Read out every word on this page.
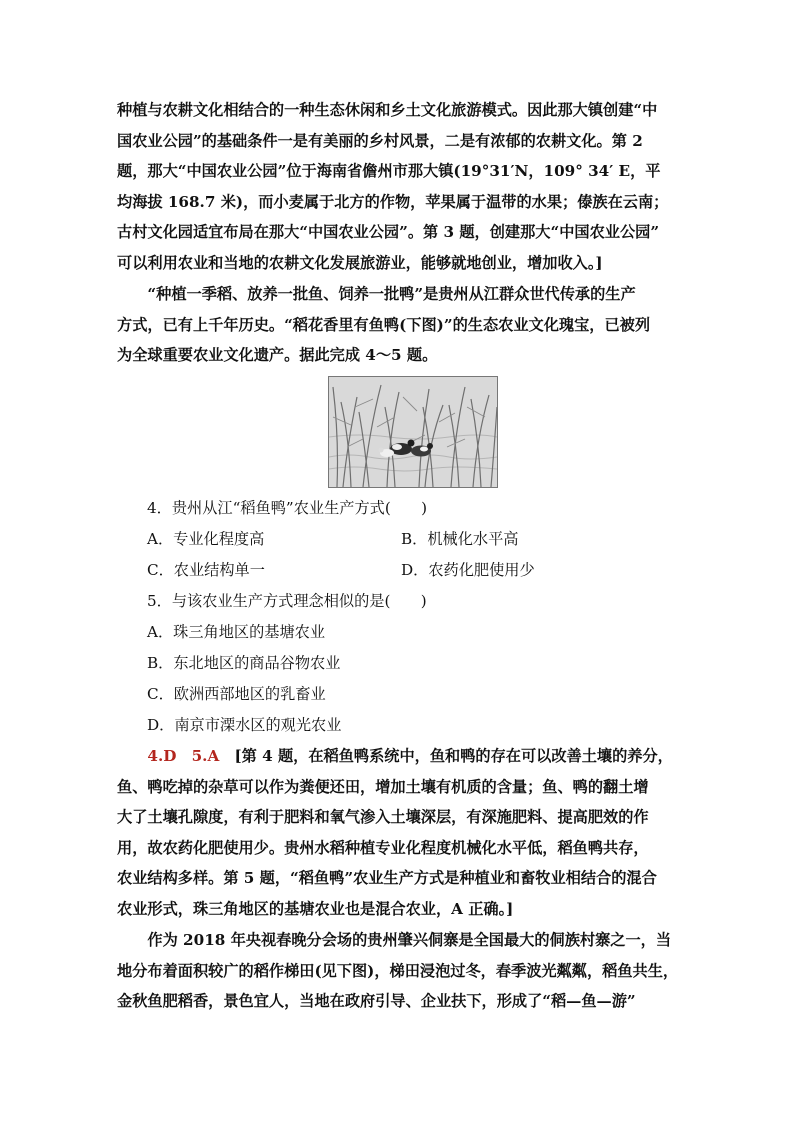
种植与农耕文化相结合的一种生态休闲和乡土文化旅游模式。因此那大镇创建“中
国农业公园”的基础条件一是有美丽的乡村风景，二是有浓郁的农耕文化。第 2
题，那大“中国农业公园”位于海南省儋州市那大镇(19°31′N，109° 34′ E，平
均海拔 168.7 米)，而小麦属于北方的作物，苹果属于温带的水果；傣族在云南；
古村文化园适宜布局在那大“中国农业公园”。第 3 题，创建那大“中国农业公园”
可以利用农业和当地的农耕文化发展旅游业，能够就地创业，增加收入。]
“种植一季稻、放养一批鱼、饲养一批鸭”是贵州从江群众世代传承的生产
方式，已有上千年历史。“稻花香里有鱼鸭(下图)”的生态农业文化瑰宝，已被列
为全球重要农业文化遗产。据此完成 4～5 题。
4．贵州从江“稻鱼鸭”农业生产方式(　　)
A．专业化程度高	B．机械化水平高
C．农业结构单一	D．农药化肥使用少
5．与该农业生产方式理念相似的是(　　)
A．珠三角地区的基塘农业
B．东北地区的商品谷物农业
C．欧洲西部地区的乳畜业
D．南京市溧水区的观光农业
4.D　5.A　 [第 4 题，在稻鱼鸭系统中，鱼和鸭的存在可以改善土壤的养分，
鱼、鸭吃掉的杂草可以作为粪便还田，增加土壤有机质的含量；鱼、鸭的翻土增
大了土壤孔隙度，有利于肥料和氧气渗入土壤深层，有深施肥料、提高肥效的作
用，故农药化肥使用少。贵州水稻种植专业化程度机械化水平低，稻鱼鸭共存，
农业结构多样。第 5 题，“稻鱼鸭”农业生产方式是种植业和畜牧业相结合的混合
农业形式，珠三角地区的基塘农业也是混合农业，A 正确。]
作为 2018 年央视春晚分会场的贵州肇兴侗寨是全国最大的侗族村寨之一，当
地分布着面积较广的稻作梯田(见下图)，梯田浸泡过冬，春季波光粼粼，稻鱼共生，
金秋鱼肥稻香，景色宜人，当地在政府引导、企业扶下，形成了“稻—鱼—游”
